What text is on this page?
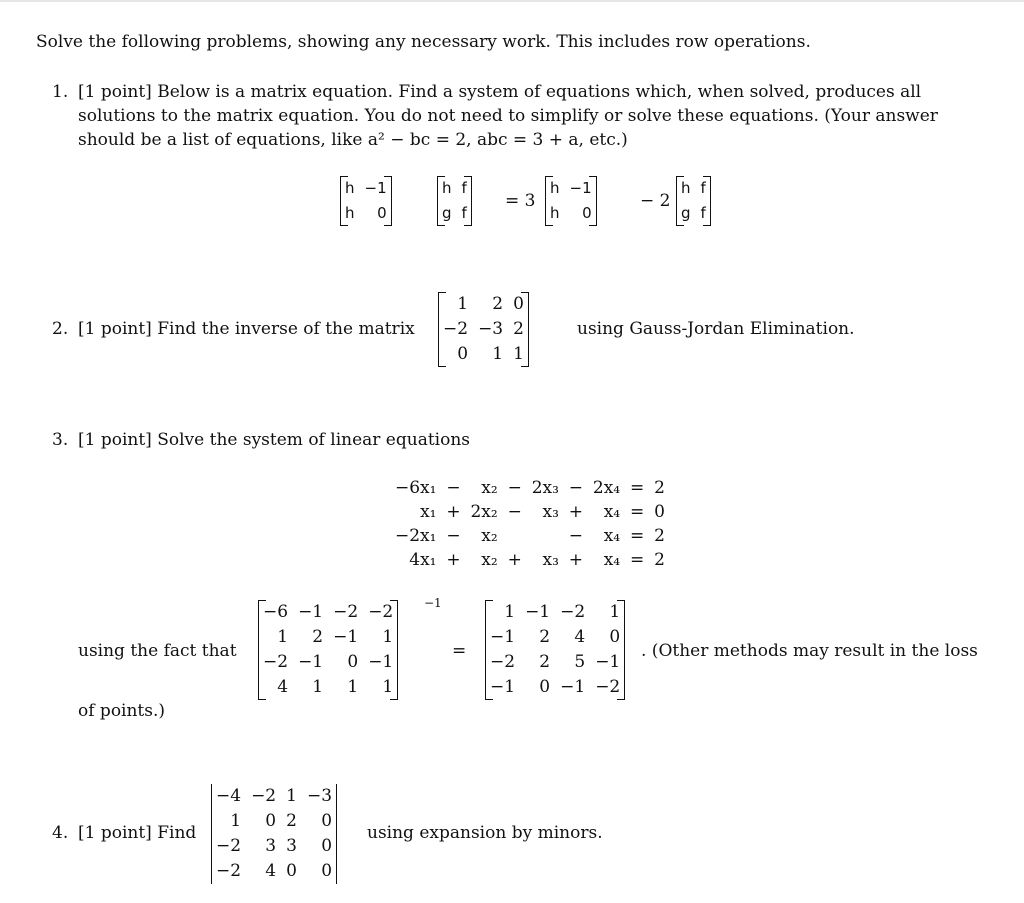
Solve the following problems, showing any necessary work. This includes row operations.
1. [1 point] Below is a matrix equation. Find a system of equations which, when solved, produces all
solutions to the matrix equation. You do not need to simplify or solve these equations. (Your answer
should be a list of equations, like a² − bc = 2, abc = 3 + a, etc.)
h	−1
h	0
h	f
g	f
= 3
h	−1
h	0
− 2
h	f
g	f
2. [1 point] Find the inverse of the matrix
1	2	0
−2	−3	2
0	1	1
using Gauss-Jordan Elimination.
3. [1 point] Solve the system of linear equations
−6x₁	−	x₂	−	2x₃	−	2x₄	=	2
x₁	+	2x₂	−	x₃	+	x₄	=	0
−2x₁	−	x₂			−	x₄	=	2
4x₁	+	x₂	+	x₃	+	x₄	=	2
using the fact that
−6	−1	−2	−2
1	2	−1	1
−2	−1	0	−1
4	1	1	1
−1
=
1	−1	−2	1
−1	2	4	0
−2	2	5	−1
−1	0	−1	−2
. (Other methods may result in the loss
of points.)
4. [1 point] Find
−4	−2	1	−3
1	0	2	0
−2	3	3	0
−2	4	0	0
using expansion by minors.
